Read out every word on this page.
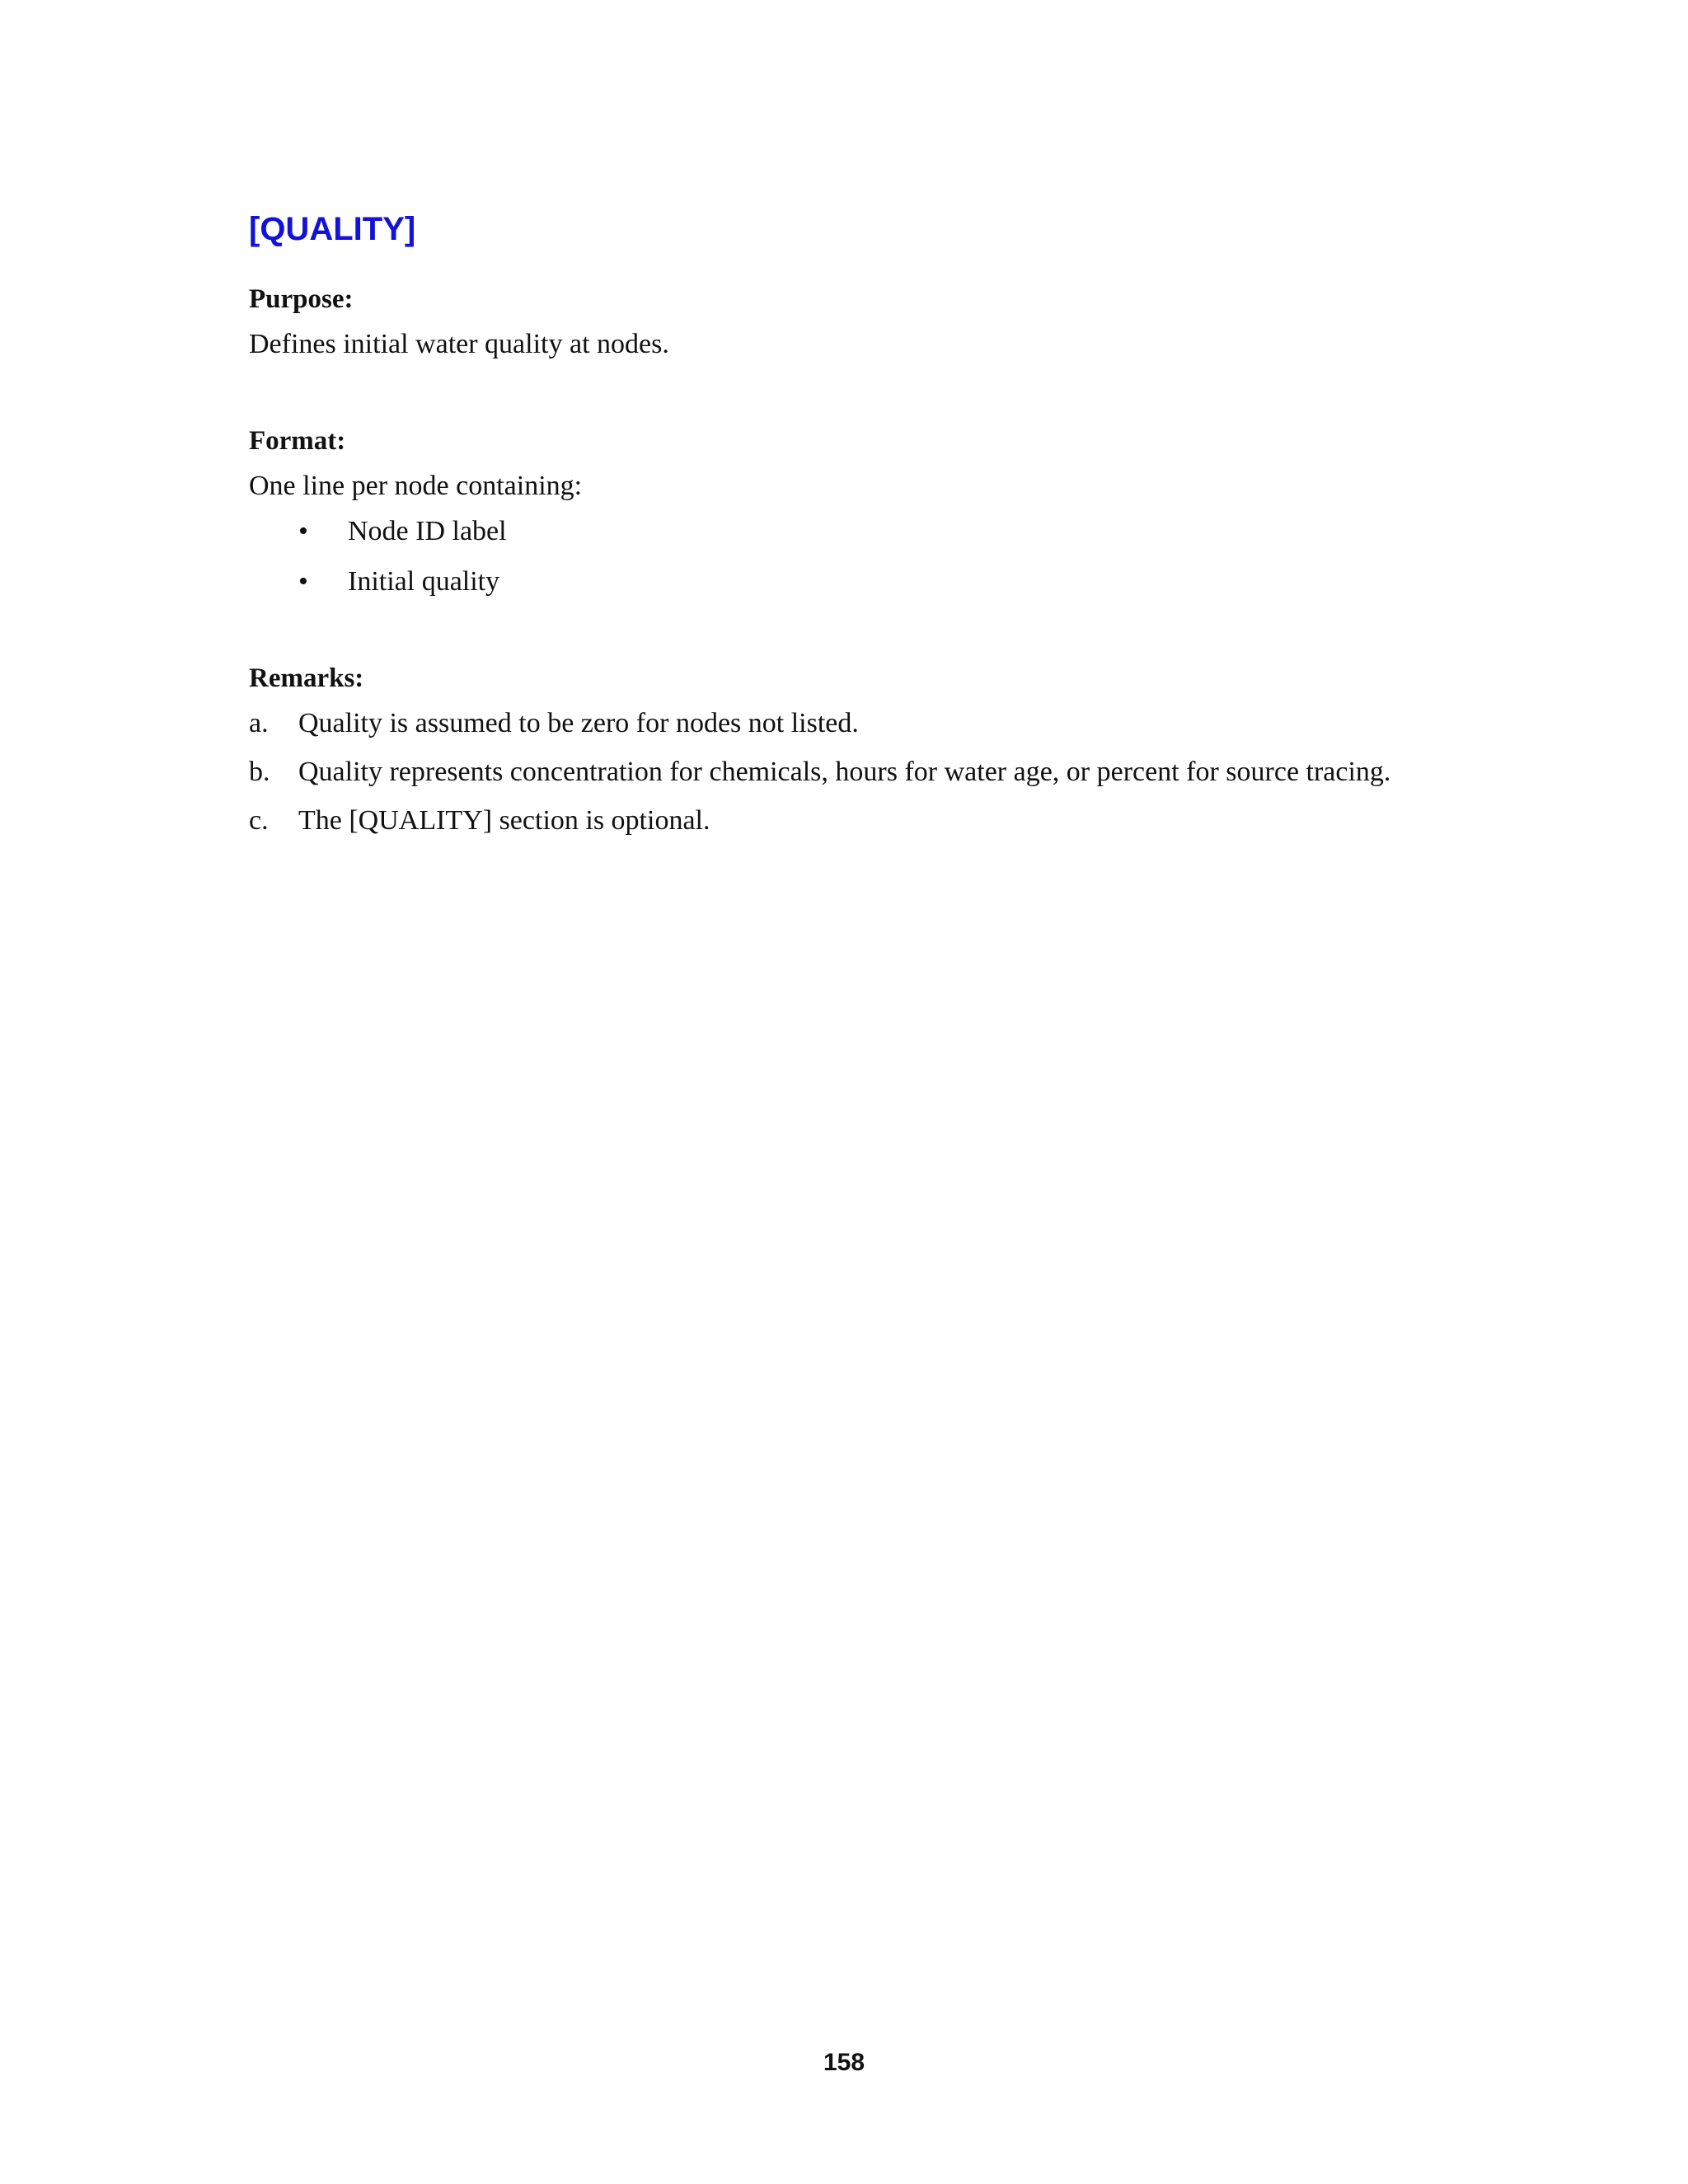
[QUALITY]
Purpose:

Defines initial water quality at nodes.

Format:

One line per node containing:

•	Node ID label
•	Initial quality
Remarks:
a.	Quality is assumed to be zero for nodes not listed.
b.	Quality represents concentration for chemicals, hours for water age, or percent for source tracing.
c.	The [QUALITY] section is optional.
158
